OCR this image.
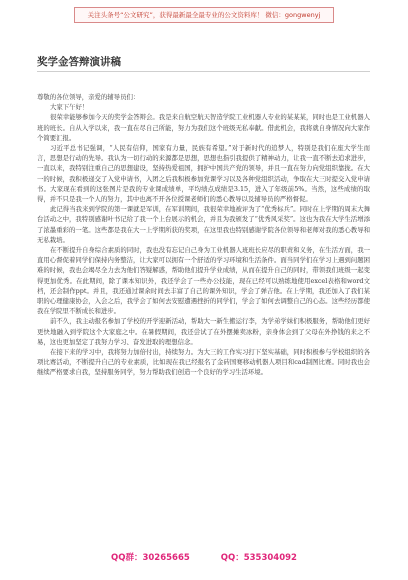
关注头条号“公文研究”，获得最新最全最专业的公文资料库！ 微信：gongwenyj
奖学金答辩演讲稿

尊敬的各位领导，亲爱的辅导员们：

大家下午好！

很荣幸能够参加今天的奖学金答辩会。我是来自航空航天智造学院工业机器人专业的某某某，同时也是工业机器人班的班长。自从入学以来，我一直在尽自己所能，努力为我们这个班级无私奉献。借此机会，我将就自身情况向大家作个简要汇报。

习近平总书记强调，“人民有信仰，国家有力量，民族有希望。”对于新时代的追梦人，特别是我们在座大学生而言，思想是行动的先导。我认为一切行动的来源都是思想，思想也指引我提供了精神动力，让我一直不断去追求进步，一直以来，我特别注重自己的思想建设，坚持热爱祖国，拥护中国共产党的领导，并且一直在努力向党组织靠拢。在大一的时候，我积极递交了入党申请书，入团之后我积极参加党课学习以及各种党组织活动，争取在大三时提交入党申请书。大家现在看到的这张图片是我的专业课成绩单，平均绩点成绩是3.15，进入了年级前5%。当然，这些成绩的取得，并不只是我一个人的努力，其中也离不开各位授课老师们的悉心教导以及辅导员的严格督促。

此记得当我来到学院的第一课就是军训，在军训期间，我很荣幸地被评为了“优秀标兵”。同时在上学期的周末大舞台活动之中，我特别感谢叶书记给了我一个上台展示的机会，并且为我颁发了“优秀风采奖”。这也为我在大学生活增添了浓墨重彩的一笔。这些都是我在大一上学期所获的奖项，在这里我也特别感谢学院各位领导和老师对我的悉心教导和无私栽培。

在不断提升自身综合素质的同时，我也没有忘记自己身为工业机器人班班长应尽的职责和义务，在生活方面，我一直用心督促着同学们保持内务整洁，让大家可以拥有一个舒适的学习环境和生活条件。面当同学们在学习上遇到问题困难的时候，我也会竭尽全力去为他们答疑解惑，帮助他们提升学业成绩，从而在提升自己的同时，带领我们班级一起变得更加优秀。在此期间，除了课本知识外，我还学会了一些办公技能，现在已经可以熟练地使用excel表格和word文档，还会制作ppt。并且，我还通过课余时间去丰富了自己的课外知识，学会了弹吉他。在上学期，我还加入了我们某职的心理健康协会，入会之后，我学会了如何去安慰遭遇挫折的同学们，学会了如何去调整自己的心态。这些经历都使我在学院里不断成长和进步。

前不久，我主动报名参加了学校的开学迎新活动，帮助大一新生搬运行李，为学弟学妹们积极服务，帮助他们更好更快地融入到学院这个大家庭之中。在暑假期间，我还尝试了在外摆摊卖冰粉，亲身体会到了父母在外挣钱的来之不易，这也更加坚定了我努力学习、奋发进取的理想信念。

在接下来的学习中，我将努力加倍付出，持续努力。为大三的工作实习打下坚实基础，同时积极参与学校组织的各项比赛活动，不断提升自己的专业素质，比如现在我已经报名了金砖国赛移动机器人项目和cad制图比赛。同时我也会继续严格要求自我，坚持服务同学，努力帮助我们创造一个良好的学习生活环境。

QQ群：30265665	QQ：535304092
